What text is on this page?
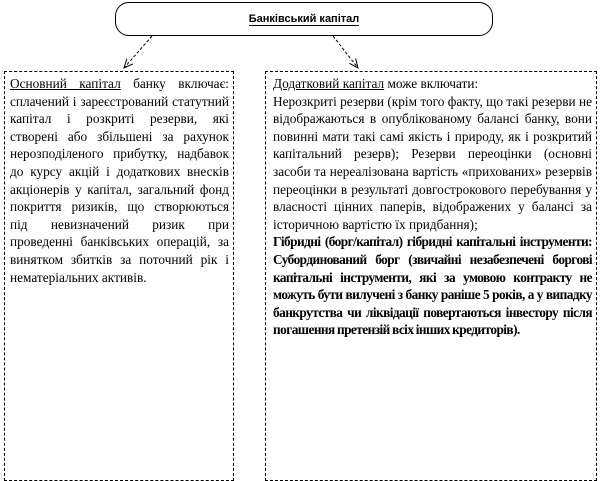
Банківський капітал

Основний капітал банку включає: сплачений і зареєстрований статутний капітал і розкриті резерви, які створені або збільшені за рахунок нерозподіленого прибутку, надбавок до курсу акцій і додаткових внесків акціонерів у капітал, загальний фонд покриття ризиків, що створюються під невизначений ризик при проведенні банківських операцій, за винятком збитків за поточний рік і нематеріальних активів.

Додатковий капітал може включати:

Нерозкриті резерви (крім того факту, що такі резерви не відображаються в опублікованому балансі банку, вони повинні мати такі самі якість і природу, як і розкритий капітальний резерв); Резерви переоцінки (основні засоби та нереалізована вартість «прихованих» резервів переоцінки в результаті довгострокового перебування у власності цінних паперів, відображених у балансі за історичною вартістю їх придбання);

Гібридні (борг/капітал) гібридні капітальні інструменти: Субординований борг (звичайні незабезпечені боргові капітальні інструменти, які за умовою контракту не можуть бути вилучені з банку раніше 5 років, а у випадку банкрутства чи ліквідації повертаються інвестору після погашення претензій всіх інших кредиторів).
